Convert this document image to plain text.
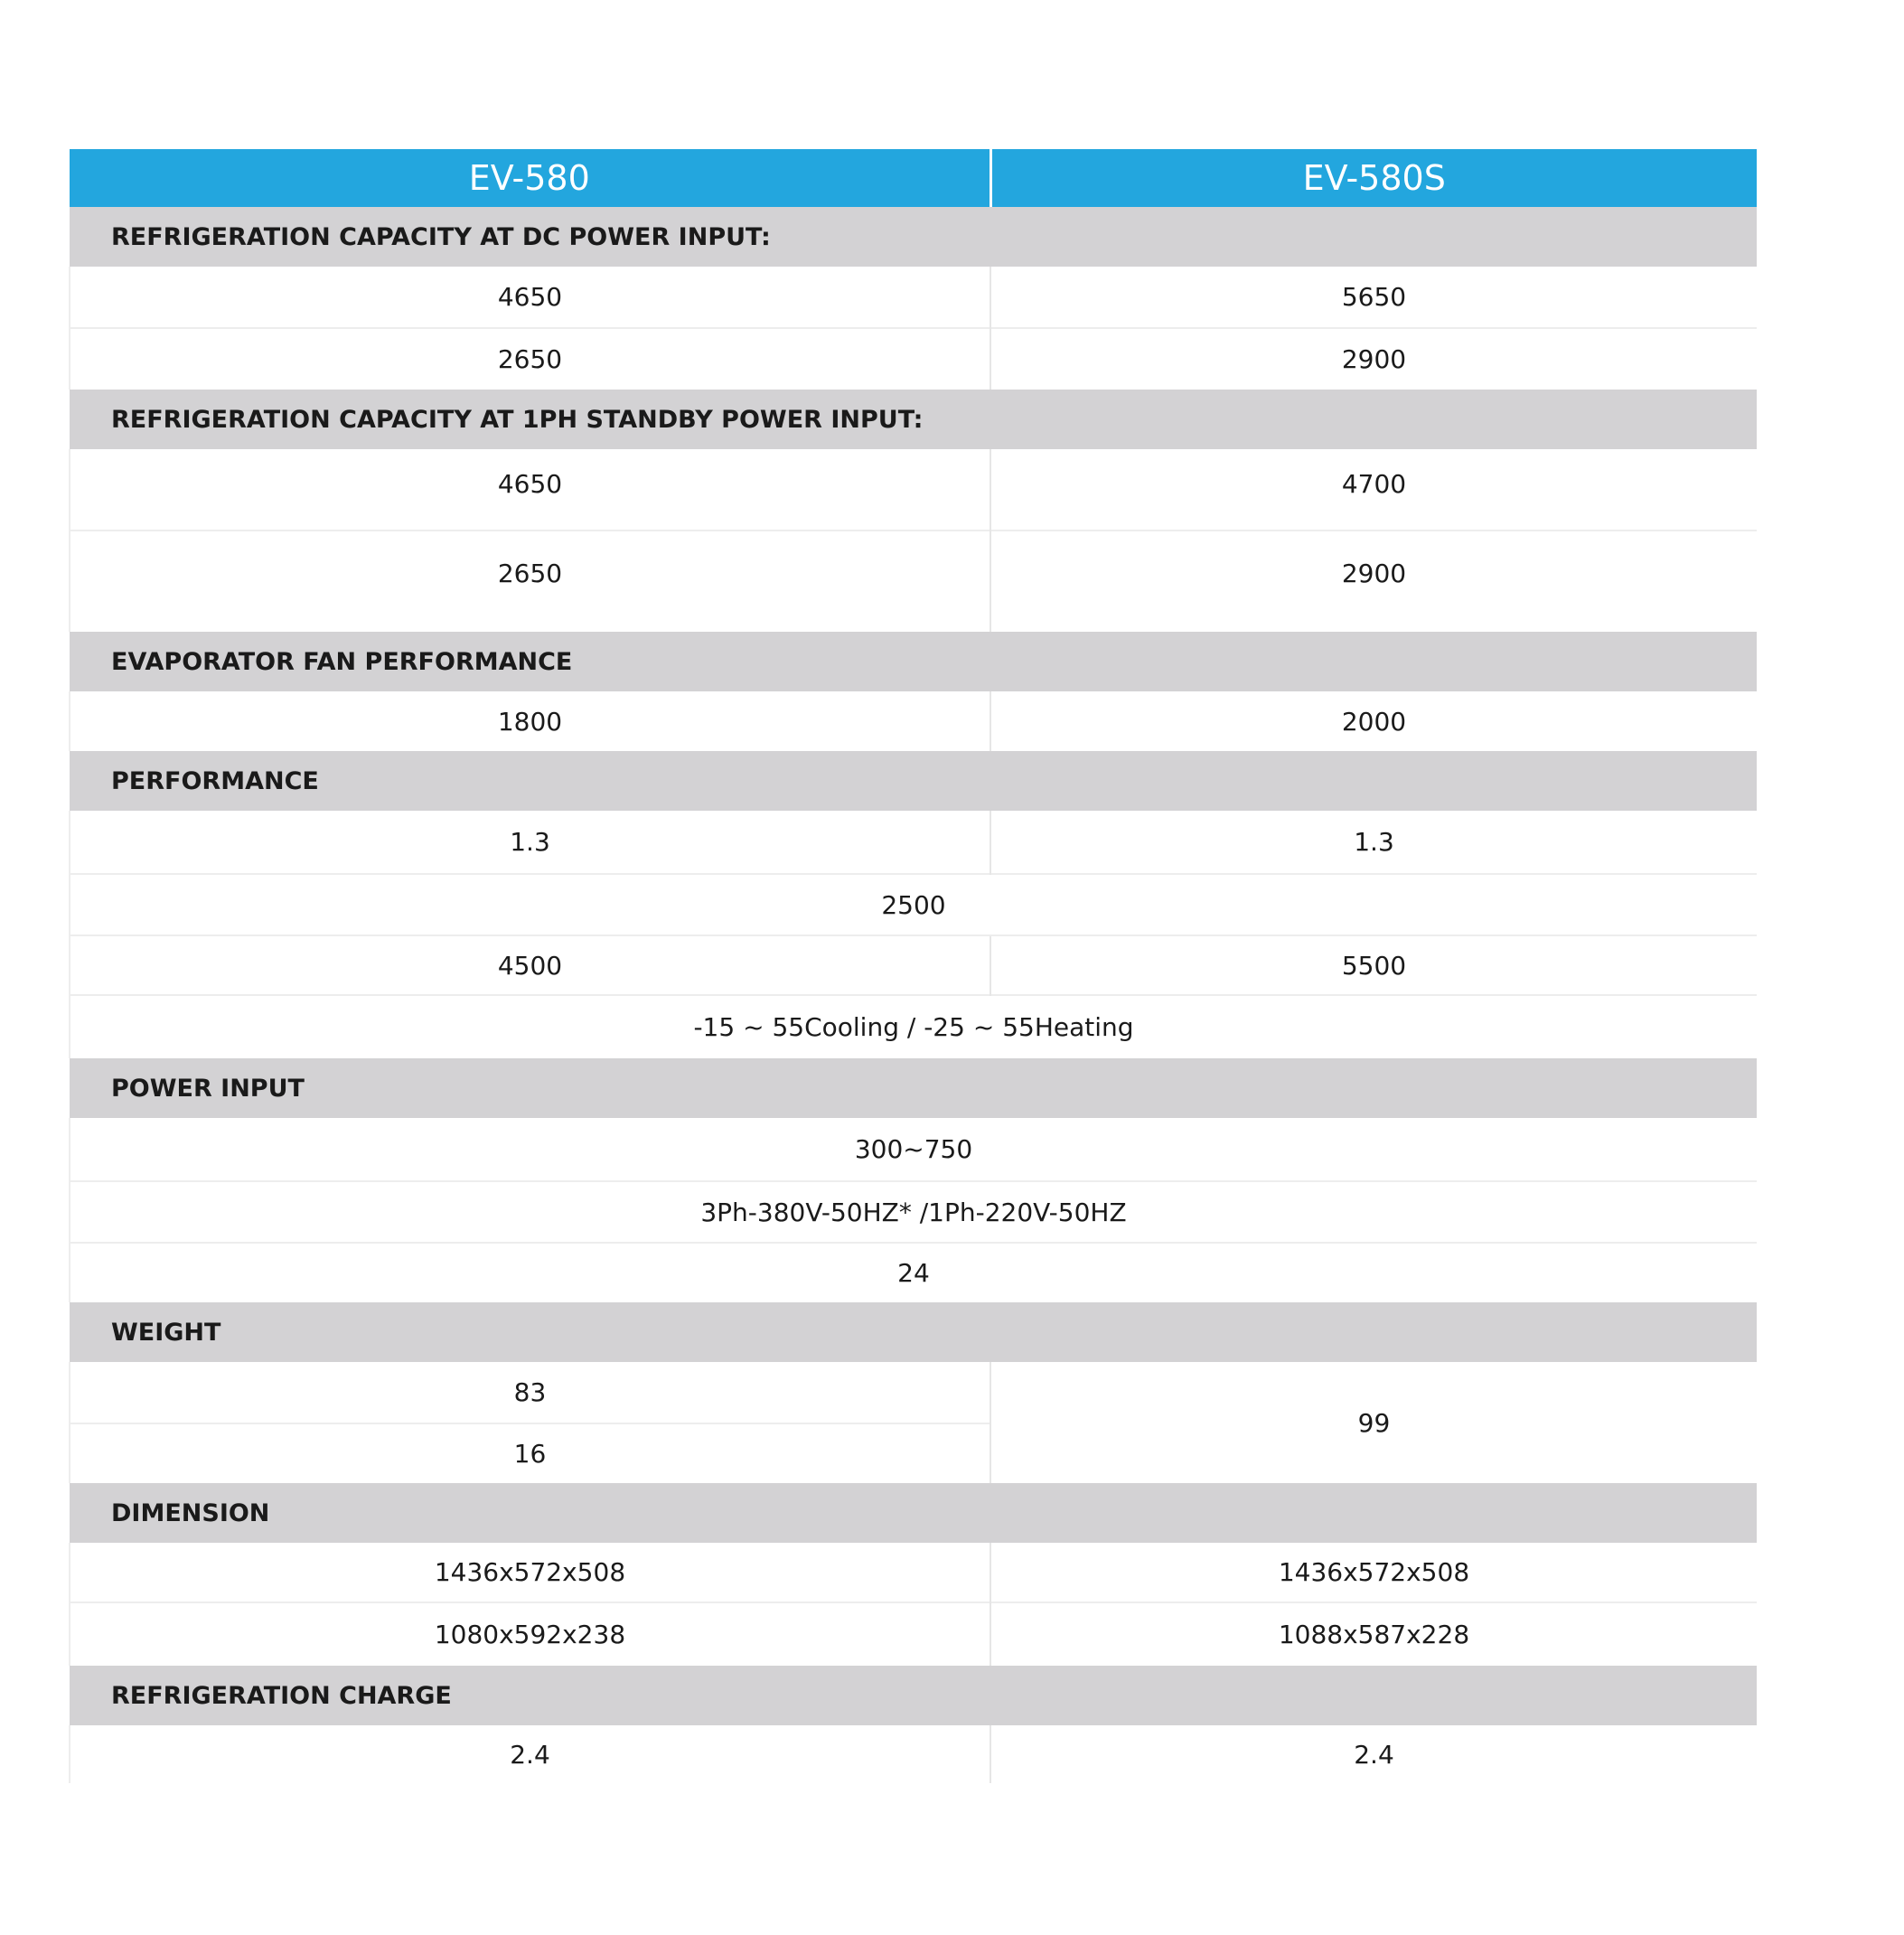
EV-580	EV-580S
REFRIGERATION CAPACITY AT DC POWER INPUT:	
4650	5650
2650	2900
REFRIGERATION CAPACITY AT 1PH STANDBY POWER INPUT:	
4650	4700
2650	2900
EVAPORATOR FAN PERFORMANCE	
1800	2000
PERFORMANCE	
1.3	1.3
2500	
4500	5500
-15 ~ 55Cooling / -25 ~ 55Heating	
POWER INPUT	
300~750	
3Ph-380V-50HZ* /1Ph-220V-50HZ	
24	
WEIGHT	
83	99
16	
DIMENSION	
1436x572x508	1436x572x508
1080x592x238	1088x587x228
REFRIGERATION CHARGE	
2.4	2.4
